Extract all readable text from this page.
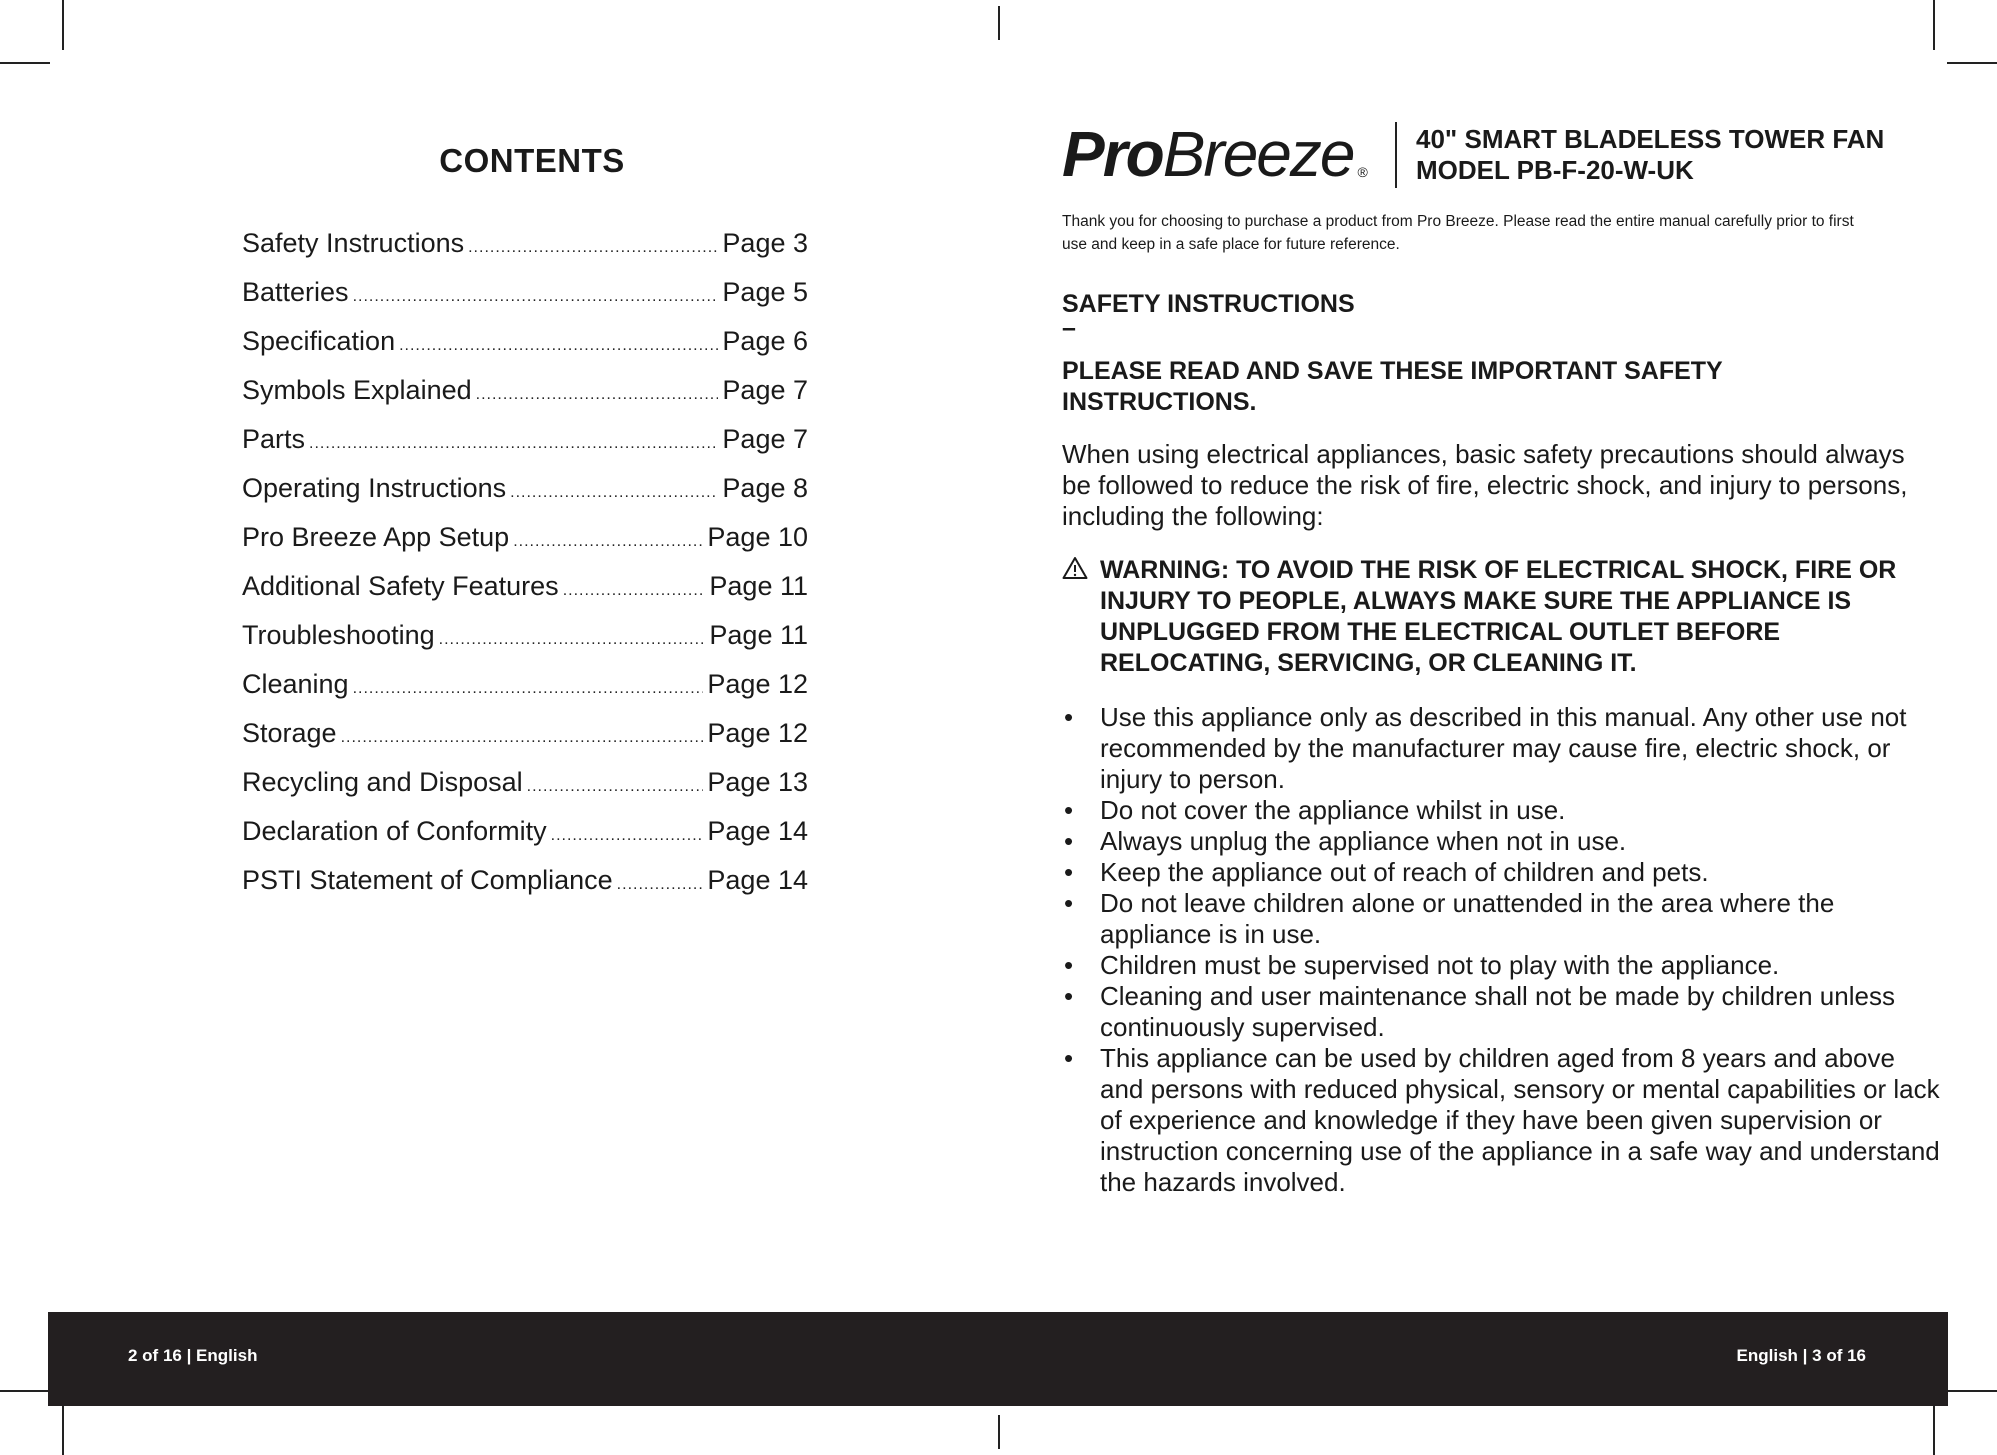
CONTENTS
Safety Instructions .....	Page 3
Batteries .....	Page 5
Specification .....	Page 6
Symbols Explained .....	Page 7
Parts .....	Page 7
Operating Instructions .....	Page 8
Pro Breeze App Setup .....	Page 10
Additional Safety Features .....	Page 11
Troubleshooting .....	Page 11
Cleaning .....	Page 12
Storage .....	Page 12
Recycling and Disposal .....	Page 13
Declaration of Conformity .....	Page 14
PSTI Statement of Compliance .....	Page 14
ProBreeze ®
40" SMART BLADELESS TOWER FAN
MODEL PB-F-20-W-UK
Thank you for choosing to purchase a product from Pro Breeze. Please read the entire manual carefully prior to first use and keep in a safe place for future reference.
SAFETY INSTRUCTIONS
–
PLEASE READ AND SAVE THESE IMPORTANT SAFETY INSTRUCTIONS.
When using electrical appliances, basic safety precautions should always be followed to reduce the risk of fire, electric shock, and injury to persons, including the following:
WARNING: TO AVOID THE RISK OF ELECTRICAL SHOCK, FIRE OR INJURY TO PEOPLE, ALWAYS MAKE SURE THE APPLIANCE IS UNPLUGGED FROM THE ELECTRICAL OUTLET BEFORE RELOCATING, SERVICING, OR CLEANING IT.
• Use this appliance only as described in this manual. Any other use not recommended by the manufacturer may cause fire, electric shock, or injury to person.
• Do not cover the appliance whilst in use.
• Always unplug the appliance when not in use.
• Keep the appliance out of reach of children and pets.
• Do not leave children alone or unattended in the area where the appliance is in use.
• Children must be supervised not to play with the appliance.
• Cleaning and user maintenance shall not be made by children unless continuously supervised.
• This appliance can be used by children aged from 8 years and above and persons with reduced physical, sensory or mental capabilities or lack of experience and knowledge if they have been given supervision or instruction concerning use of the appliance in a safe way and understand the hazards involved.
2 of 16 | English	English | 3 of 16
